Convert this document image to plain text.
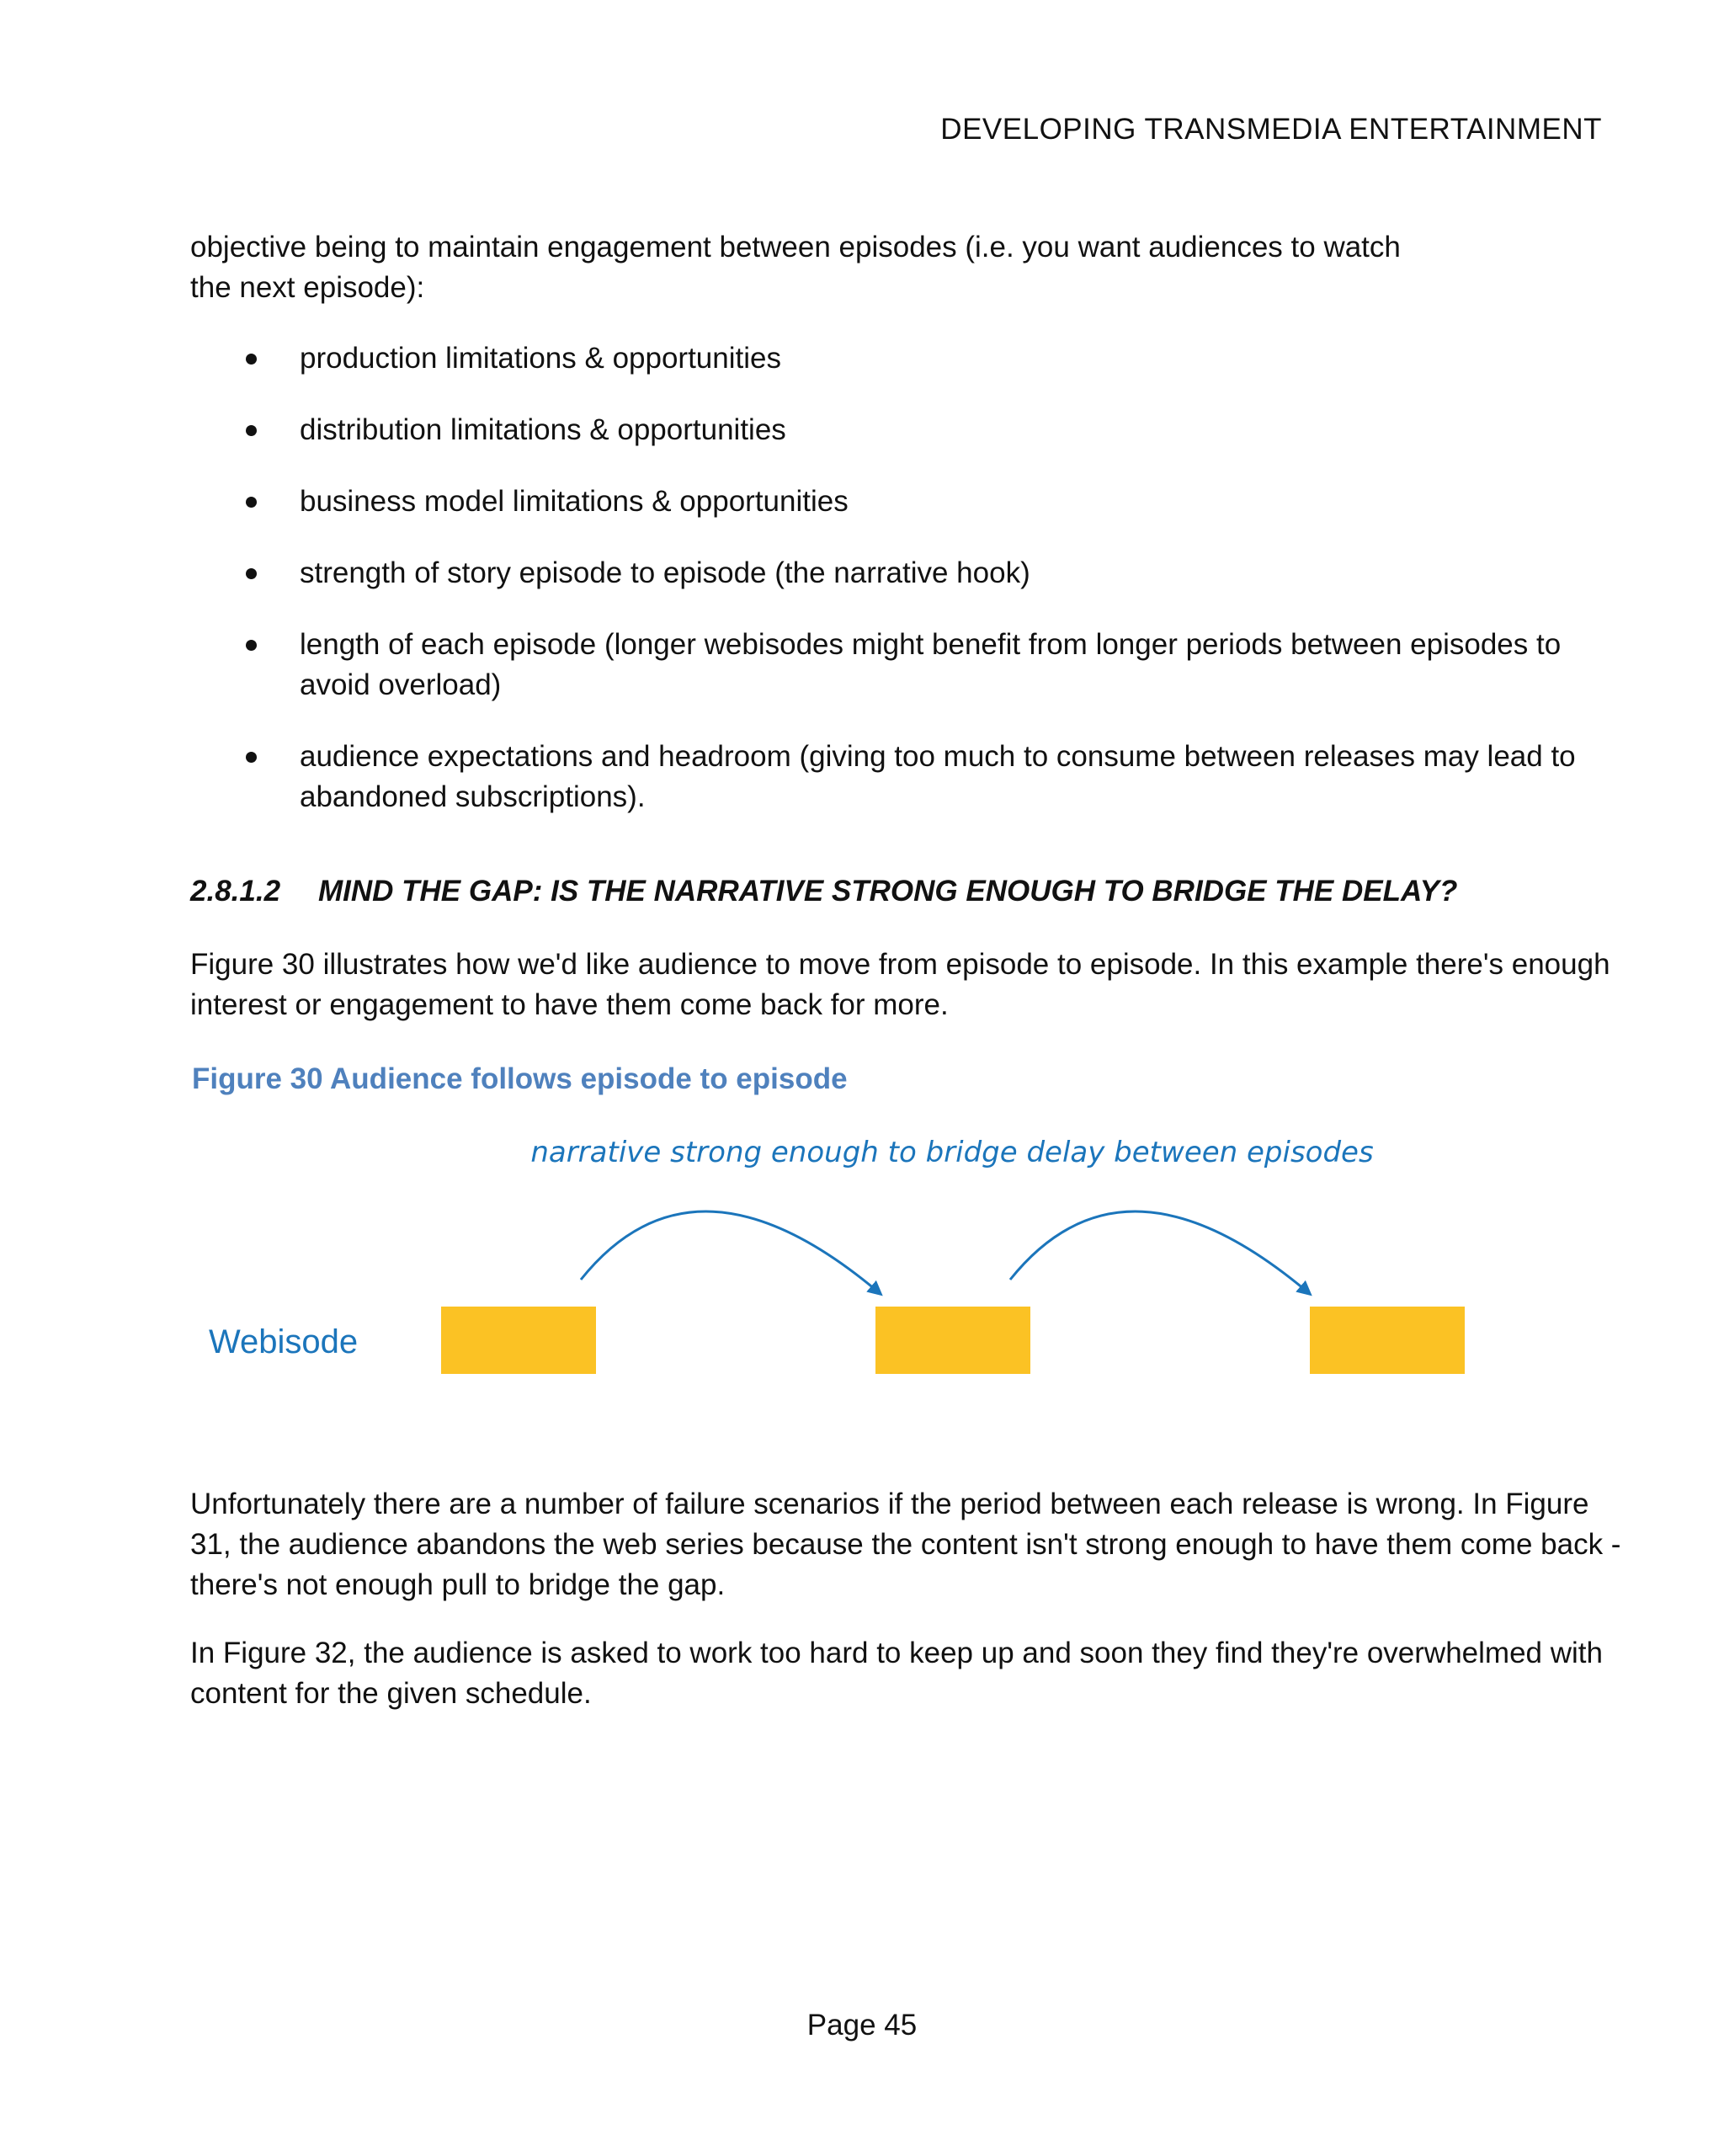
DEVELOPING TRANSMEDIA ENTERTAINMENT

objective being to maintain engagement between episodes (i.e. you want audiences to watch
the next episode):

production limitations & opportunities
distribution limitations & opportunities
business model limitations & opportunities
strength of story episode to episode (the narrative hook)
length of each episode (longer webisodes might benefit from longer periods between episodes to avoid overload)
audience expectations and headroom (giving too much to consume between releases may lead to abandoned subscriptions).
2.8.1.2 MIND THE GAP: IS THE NARRATIVE STRONG ENOUGH TO BRIDGE THE DELAY?

Figure 30 illustrates how we'd like audience to move from episode to episode. In this example there's enough interest or engagement to have them come back for more.

Figure 30 Audience follows episode to episode
narrative strong enough to bridge delay between episodes
Webisode

Unfortunately there are a number of failure scenarios if the period between each release is wrong. In Figure 31, the audience abandons the web series because the content isn't strong enough to have them come back - there's not enough pull to bridge the gap.

In Figure 32, the audience is asked to work too hard to keep up and soon they find they're overwhelmed with content for the given schedule.

Page 45
